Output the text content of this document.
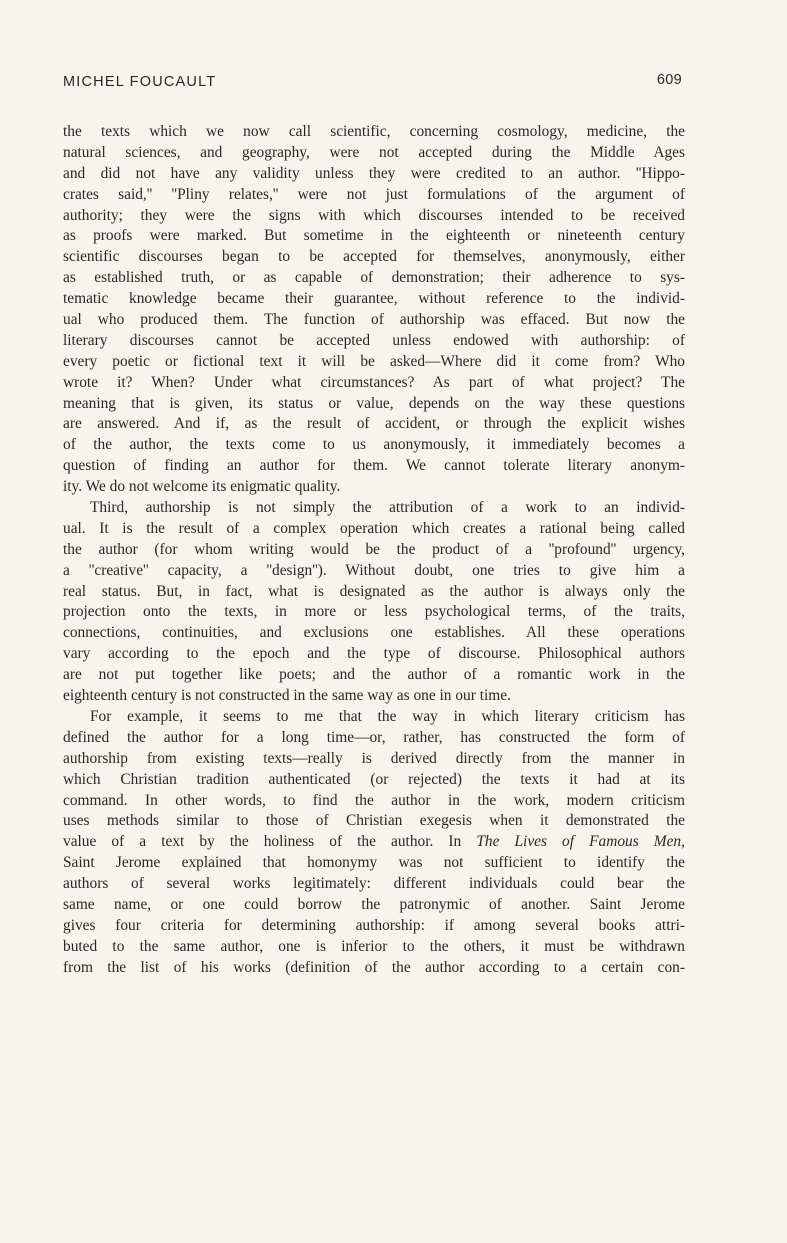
MICHEL FOUCAULT	609
the texts which we now call scientific, concerning cosmology, medicine, the
natural sciences, and geography, were not accepted during the Middle Ages
and did not have any validity unless they were credited to an author. ''Hippo-
crates said,'' ''Pliny relates,'' were not just formulations of the argument of
authority; they were the signs with which discourses intended to be received
as proofs were marked. But sometime in the eighteenth or nineteenth century
scientific discourses began to be accepted for themselves, anonymously, either
as established truth, or as capable of demonstration; their adherence to sys-
tematic knowledge became their guarantee, without reference to the individ-
ual who produced them. The function of authorship was effaced. But now the
literary discourses cannot be accepted unless endowed with authorship: of
every poetic or fictional text it will be asked—Where did it come from? Who
wrote it? When? Under what circumstances? As part of what project? The
meaning that is given, its status or value, depends on the way these questions
are answered. And if, as the result of accident, or through the explicit wishes
of the author, the texts come to us anonymously, it immediately becomes a
question of finding an author for them. We cannot tolerate literary anonym-
ity. We do not welcome its enigmatic quality.
Third, authorship is not simply the attribution of a work to an individ-
ual. It is the result of a complex operation which creates a rational being called
the author (for whom writing would be the product of a ''profound'' urgency,
a ''creative'' capacity, a ''design''). Without doubt, one tries to give him a
real status. But, in fact, what is designated as the author is always only the
projection onto the texts, in more or less psychological terms, of the traits,
connections, continuities, and exclusions one establishes. All these operations
vary according to the epoch and the type of discourse. Philosophical authors
are not put together like poets; and the author of a romantic work in the
eighteenth century is not constructed in the same way as one in our time.
For example, it seems to me that the way in which literary criticism has
defined the author for a long time—or, rather, has constructed the form of
authorship from existing texts—really is derived directly from the manner in
which Christian tradition authenticated (or rejected) the texts it had at its
command. In other words, to find the author in the work, modern criticism
uses methods similar to those of Christian exegesis when it demonstrated the
value of a text by the holiness of the author. In The Lives of Famous Men,
Saint Jerome explained that homonymy was not sufficient to identify the
authors of several works legitimately: different individuals could bear the
same name, or one could borrow the patronymic of another. Saint Jerome
gives four criteria for determining authorship: if among several books attri-
buted to the same author, one is inferior to the others, it must be withdrawn
from the list of his works (definition of the author according to a certain con-
